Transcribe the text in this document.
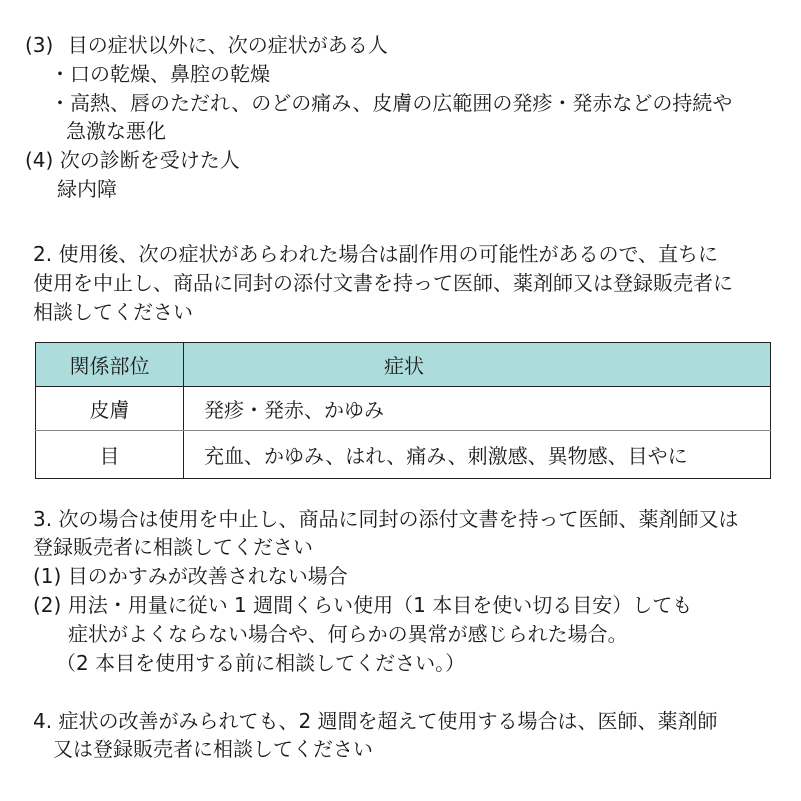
(3) 目の症状以外に、次の症状がある人
・口の乾燥、鼻腔の乾燥
・高熱、唇のただれ、のどの痛み、皮膚の広範囲の発疹・発赤などの持続や
急激な悪化
(4) 次の診断を受けた人
緑内障
2. 使用後、次の症状があらわれた場合は副作用の可能性があるので、直ちに
使用を中止し、商品に同封の添付文書を持って医師、薬剤師又は登録販売者に
相談してください
関係部位	症状
皮膚	発疹・発赤、かゆみ
目	充血、かゆみ、はれ、痛み、刺激感、異物感、目やに
3. 次の場合は使用を中止し、商品に同封の添付文書を持って医師、薬剤師又は
登録販売者に相談してください
(1) 目のかすみが改善されない場合
(2) 用法・用量に従い 1 週間くらい使用（1 本目を使い切る目安）しても
症状がよくならない場合や、何らかの異常が感じられた場合。
（2 本目を使用する前に相談してください。）
4. 症状の改善がみられても、2 週間を超えて使用する場合は、医師、薬剤師
又は登録販売者に相談してください
